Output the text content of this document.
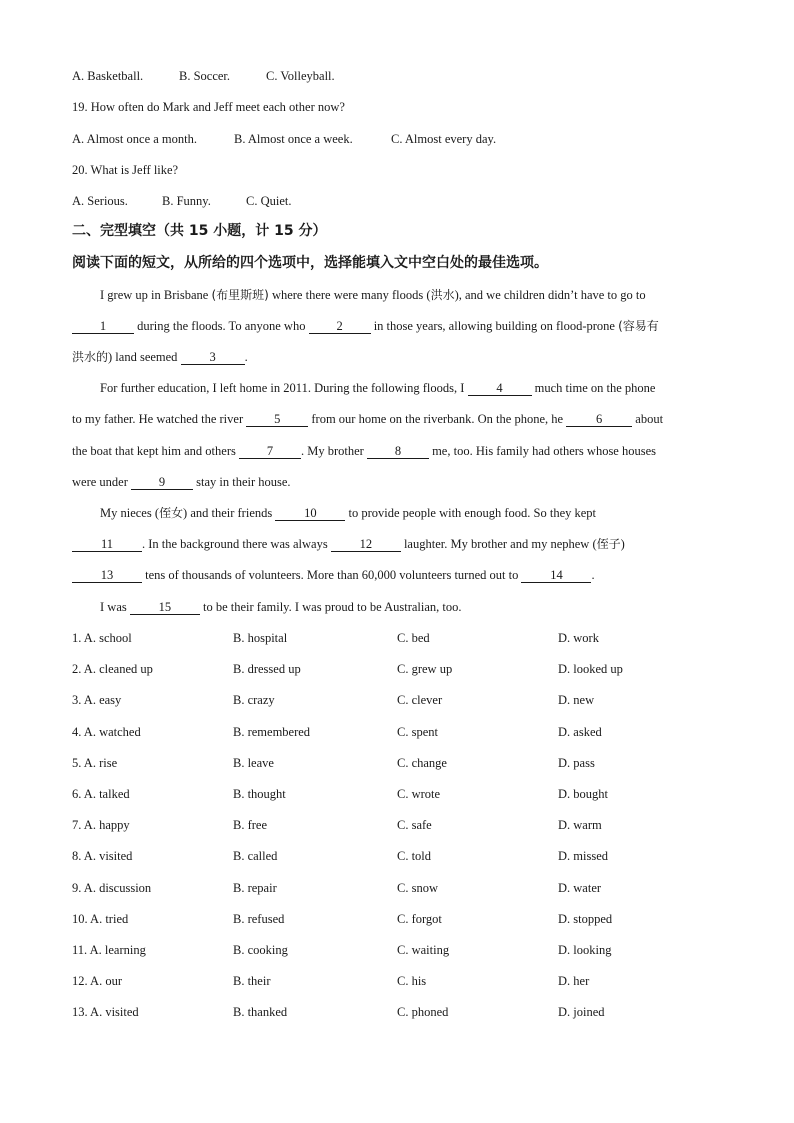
A. Basketball.	B. Soccer.	C. Volleyball.
19. How often do Mark and Jeff meet each other now?
A. Almost once a month.	B. Almost once a week.	C. Almost every day.
20. What is Jeff like?
A. Serious.	B. Funny.	C. Quiet.
二、完型填空（共 15 小题，计 15 分）
阅读下面的短文，从所给的四个选项中，选择能填入文中空白处的最佳选项。
I grew up in Brisbane (布里斯班) where there were many floods (洪水), and we children didn’t have to go to
1 during the floods. To anyone who 2 in those years, allowing building on flood-prone (容易有
洪水的) land seemed 3 .
For further education, I left home in 2011. During the following floods, I 4 much time on the phone
to my father. He watched the river 5 from our home on the riverbank. On the phone, he 6 about
the boat that kept him and others 7 . My brother 8 me, too. His family had others whose houses
were under 9 stay in their house.
My nieces (侄女) and their friends 10 to provide people with enough food. So they kept
11 . In the background there was always 12 laughter. My brother and my nephew (侄子)
13 tens of thousands of volunteers. More than 60,000 volunteers turned out to 14 .
I was 15 to be their family. I was proud to be Australian, too.
1. A. school	B. hospital	C. bed	D. work
2. A. cleaned up	B. dressed up	C. grew up	D. looked up
3. A. easy	B. crazy	C. clever	D. new
4. A. watched	B. remembered	C. spent	D. asked
5. A. rise	B. leave	C. change	D. pass
6. A. talked	B. thought	C. wrote	D. bought
7. A. happy	B. free	C. safe	D. warm
8. A. visited	B. called	C. told	D. missed
9. A. discussion	B. repair	C. snow	D. water
10. A. tried	B. refused	C. forgot	D. stopped
11. A. learning	B. cooking	C. waiting	D. looking
12. A. our	B. their	C. his	D. her
13. A. visited	B. thanked	C. phoned	D. joined
